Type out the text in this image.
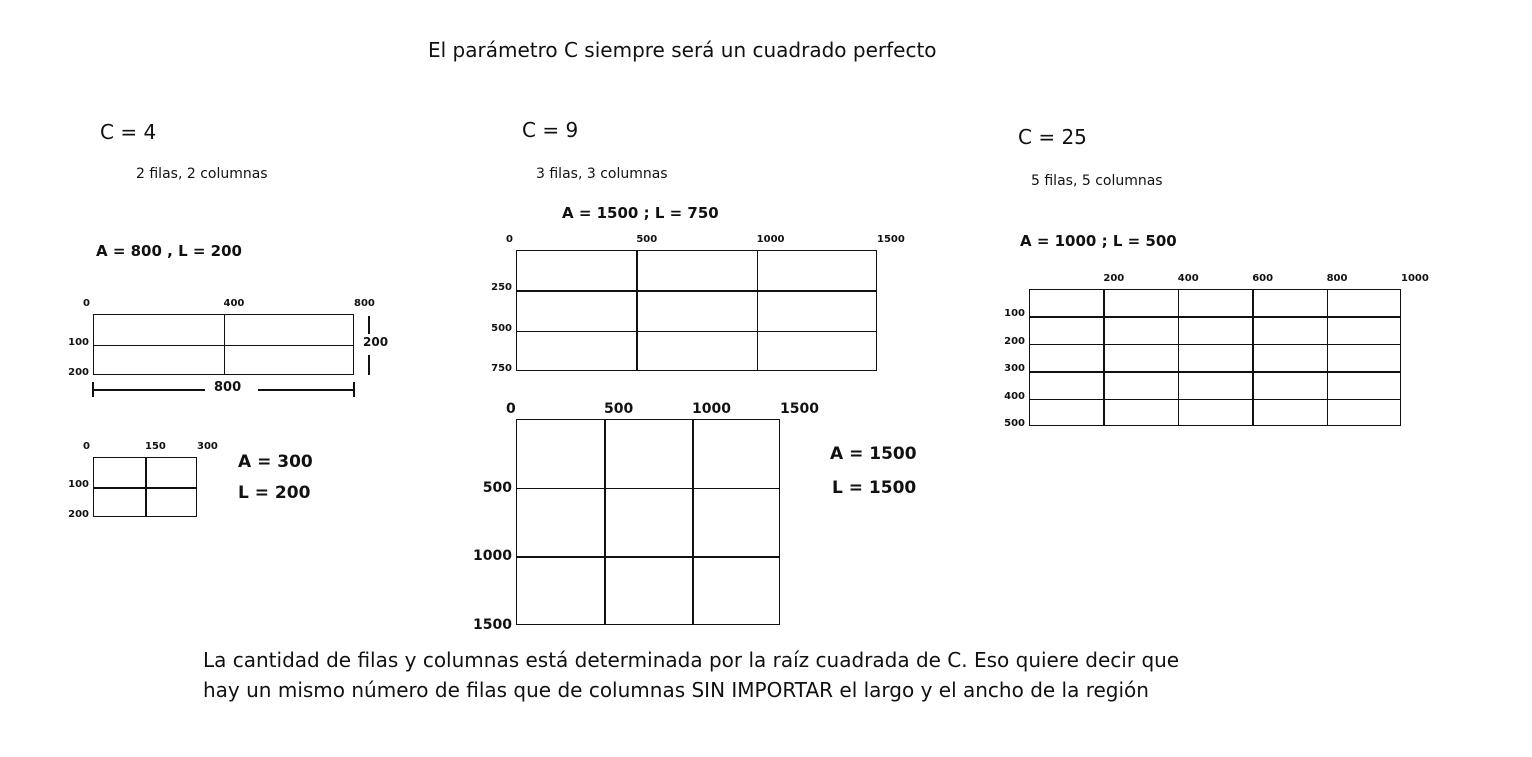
El parámetro C siempre será un cuadrado perfecto
C = 4
2 filas, 2 columnas
A = 800 , L = 200
C = 9
3 filas, 3 columnas
A = 1500 ; L = 750
C = 25
5 filas, 5 columnas
A = 1000 ; L = 500
A = 300
L = 200
A = 1500
L = 1500
800
200
0	400	800
100
200
0	150	300
100
200
0	500	1000	1500
250
500
750
0	500	1000	1500
500
1000
1500
200	400	600	800	1000
100
200
300
400
500
La cantidad de filas y columnas está determinada por la raíz cuadrada de C. Eso quiere decir que
hay un mismo número de filas que de columnas SIN IMPORTAR el largo y el ancho de la región
